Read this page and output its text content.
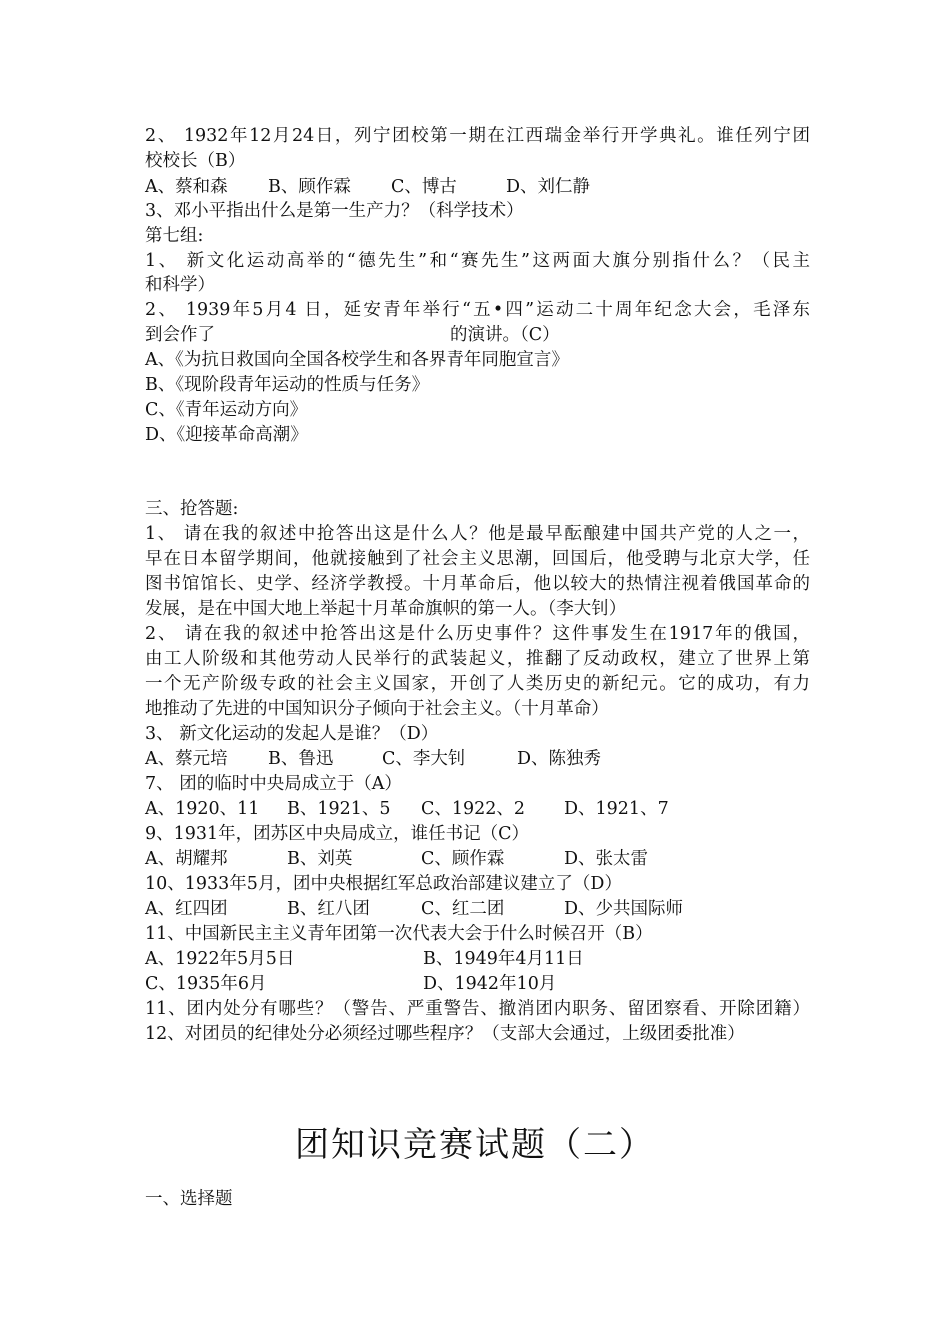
2、 1932年12月24日，列宁团校第一期在江西瑞金举行开学典礼。谁任列宁团
校校长（B）
A、蔡和森 B、顾作霖 C、博古	D、刘仁静
3、邓小平指出什么是第一生产力？（科学技术）
第七组:
1、 新文化运动高举的“德先生”和“赛先生”这两面大旗分别指什么？（民主
和科学）
2、 1939年5月4 日，延安青年举行“五•四”运动二十周年纪念大会，毛泽东
到会作了	的演讲。（C）
A、《为抗日救国向全国各校学生和各界青年同胞宣言》
B、《现阶段青年运动的性质与任务》
C、《青年运动方向》
D、《迎接革命高潮》
三、抢答题:
1、 请在我的叙述中抢答出这是什么人？他是最早酝酿建中国共产党的人之一，
早在日本留学期间，他就接触到了社会主义思潮，回国后，他受聘与北京大学，任
图书馆馆长、史学、经济学教授。十月革命后，他以较大的热情注视着俄国革命的
发展，是在中国大地上举起十月革命旗帜的第一人。（李大钊）
2、 请在我的叙述中抢答出这是什么历史事件？这件事发生在1917年的俄国，
由工人阶级和其他劳动人民举行的武装起义，推翻了反动政权，建立了世界上第
一个无产阶级专政的社会主义国家，开创了人类历史的新纪元。它的成功，有力
地推动了先进的中国知识分子倾向于社会主义。（十月革命）
3、 新文化运动的发起人是谁？（D）
A、蔡元培 B、鲁迅	C、李大钊	D、陈独秀
7、 团的临时中央局成立于（A）
A、1920、11 B、1921、5 C、1922、2 D、1921、7
9、1931年，团苏区中央局成立，谁任书记（C）
A、胡耀邦	B、刘英	C、顾作霖	D、张太雷
10、1933年5月，团中央根据红军总政治部建议建立了（D）
A、红四团	B、红八团	C、红二团	D、少共国际师
11、中国新民主主义青年团第一次代表大会于什么时候召开（B）
A、1922年5月5日	B、1949年4月11日
C、1935年6月	D、1942年10月
11、团内处分有哪些？（警告、严重警告、撤消团内职务、留团察看、开除团籍）
12、对团员的纪律处分必须经过哪些程序？（支部大会通过，上级团委批准）
团知识竞赛试题（二）
一、选择题
